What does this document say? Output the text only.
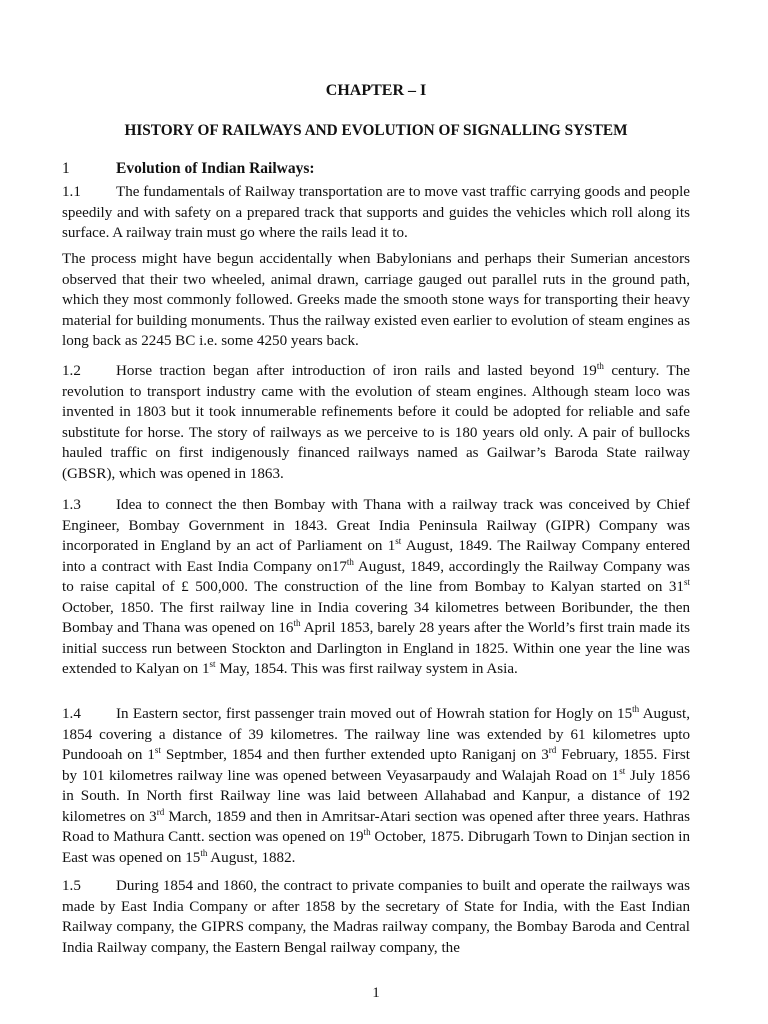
CHAPTER – I
HISTORY OF RAILWAYS AND EVOLUTION OF SIGNALLING SYSTEM
1	Evolution of Indian Railways:

1.1 The fundamentals of Railway transportation are to move vast traffic carrying goods and people speedily and with safety on a prepared track that supports and guides the vehicles which roll along its surface. A railway train must go where the rails lead it to.

The process might have begun accidentally when Babylonians and perhaps their Sumerian ancestors observed that their two wheeled, animal drawn, carriage gauged out parallel ruts in the ground path, which they most commonly followed. Greeks made the smooth stone ways for transporting their heavy material for building monuments. Thus the railway existed even earlier to evolution of steam engines as long back as 2245 BC i.e. some 4250 years back.

1.2 Horse traction began after introduction of iron rails and lasted beyond 19th century. The revolution to transport industry came with the evolution of steam engines. Although steam loco was invented in 1803 but it took innumerable refinements before it could be adopted for reliable and safe substitute for horse. The story of railways as we perceive to is 180 years old only. A pair of bullocks hauled traffic on first indigenously financed railways named as Gailwar’s Baroda State railway (GBSR), which was opened in 1863.

1.3 Idea to connect the then Bombay with Thana with a railway track was conceived by Chief Engineer, Bombay Government in 1843. Great India Peninsula Railway (GIPR) Company was incorporated in England by an act of Parliament on 1st August, 1849. The Railway Company entered into a contract with East India Company on17th August, 1849, accordingly the Railway Company was to raise capital of £ 500,000. The construction of the line from Bombay to Kalyan started on 31st October, 1850. The first railway line in India covering 34 kilometres between Boribunder, the then Bombay and Thana was opened on 16th April 1853, barely 28 years after the World’s first train made its initial success run between Stockton and Darlington in England in 1825. Within one year the line was extended to Kalyan on 1st May, 1854. This was first railway system in Asia.

1.4 In Eastern sector, first passenger train moved out of Howrah station for Hogly on 15th August, 1854 covering a distance of 39 kilometres. The railway line was extended by 61 kilometres upto Pundooah on 1st Septmber, 1854 and then further extended upto Raniganj on 3rd February, 1855. First by 101 kilometres railway line was opened between Veyasarpaudy and Walajah Road on 1st July 1856 in South. In North first Railway line was laid between Allahabad and Kanpur, a distance of 192 kilometres on 3rd March, 1859 and then in Amritsar-Atari section was opened after three years. Hathras Road to Mathura Cantt. section was opened on 19th October, 1875. Dibrugarh Town to Dinjan section in East was opened on 15th August, 1882.

1.5 During 1854 and 1860, the contract to private companies to built and operate the railways was made by East India Company or after 1858 by the secretary of State for India, with the East Indian Railway company, the GIPRS company, the Madras railway company, the Bombay Baroda and Central India Railway company, the Eastern Bengal railway company, the

1
